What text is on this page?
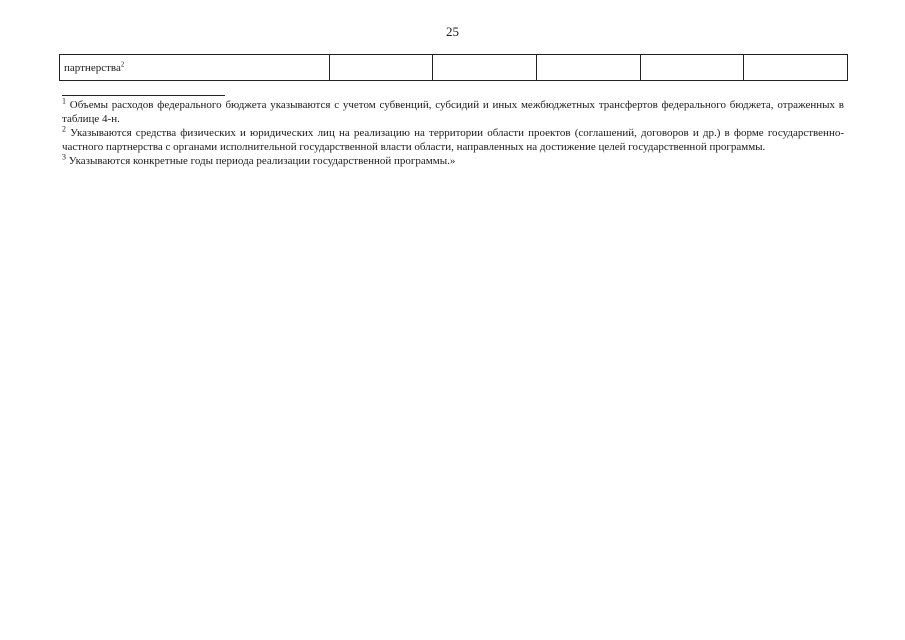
25
партнерства$^2$					

$^1$ Объемы расходов федерального бюджета указываются с учетом субвенций, субсидий и иных межбюджетных трансфертов федерального бюджета, отраженных в таблице 4-н.

$^2$ Указываются средства физических и юридических лиц на реализацию на территории области проектов (соглашений, договоров и др.) в форме государственно-частного партнерства с органами исполнительной государственной власти области, направленных на достижение целей государственной программы.

$^3$ Указываются конкретные годы периода реализации государственной программы.»
